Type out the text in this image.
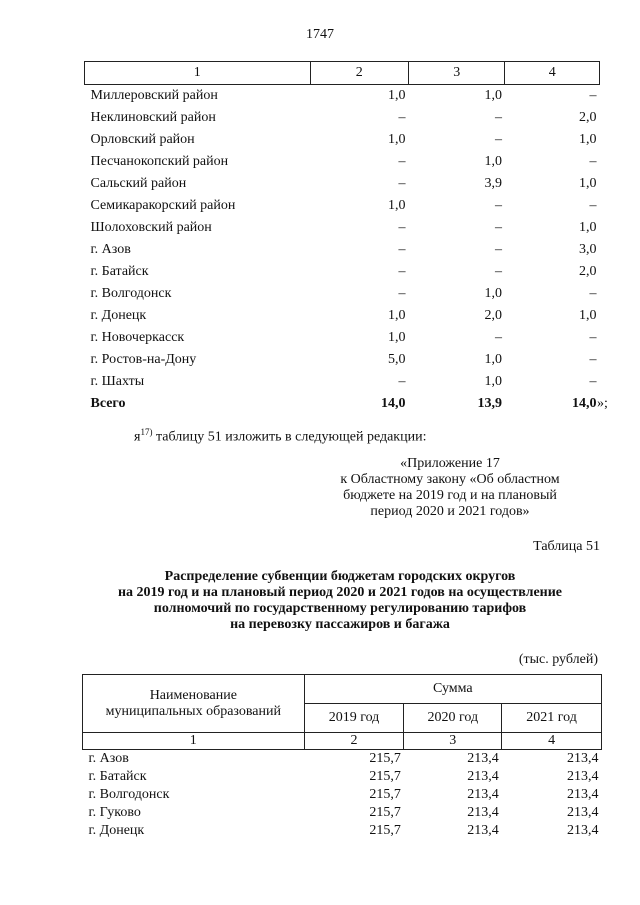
1747
1	2	3	4
Миллеровский район	1,0	1,0	–
Неклиновский район	–	–	2,0
Орловский район	1,0	–	1,0
Песчанокопский район	–	1,0	–
Сальский район	–	3,9	1,0
Семикаракорский район	1,0	–	–
Шолоховский район	–	–	1,0
г. Азов	–	–	3,0
г. Батайск	–	–	2,0
г. Волгодонск	–	1,0	–
г. Донецк	1,0	2,0	1,0
г. Новочеркасск	1,0	–	–
г. Ростов-на-Дону	5,0	1,0	–
г. Шахты	–	1,0	–
Всего	14,0	13,9	14,0 »;
$я^{17)}$ таблицу 51 изложить в следующей редакции:
«Приложение 17
к Областному закону «Об областном
бюджете на 2019 год и на плановый
период 2020 и 2021 годов»
Таблица 51
Распределение субвенции бюджетам городских округов
на 2019 год и на плановый период 2020 и 2021 годов на осуществление
полномочий по государственному регулированию тарифов
на перевозку пассажиров и багажа
(тыс. рублей)
Наименование
муниципальных образований	Сумма		
	2019 год	2020 год	2021 год
1	2	3	4
г. Азов	215,7	213,4	213,4
г. Батайск	215,7	213,4	213,4
г. Волгодонск	215,7	213,4	213,4
г. Гуково	215,7	213,4	213,4
г. Донецк	215,7	213,4	213,4
